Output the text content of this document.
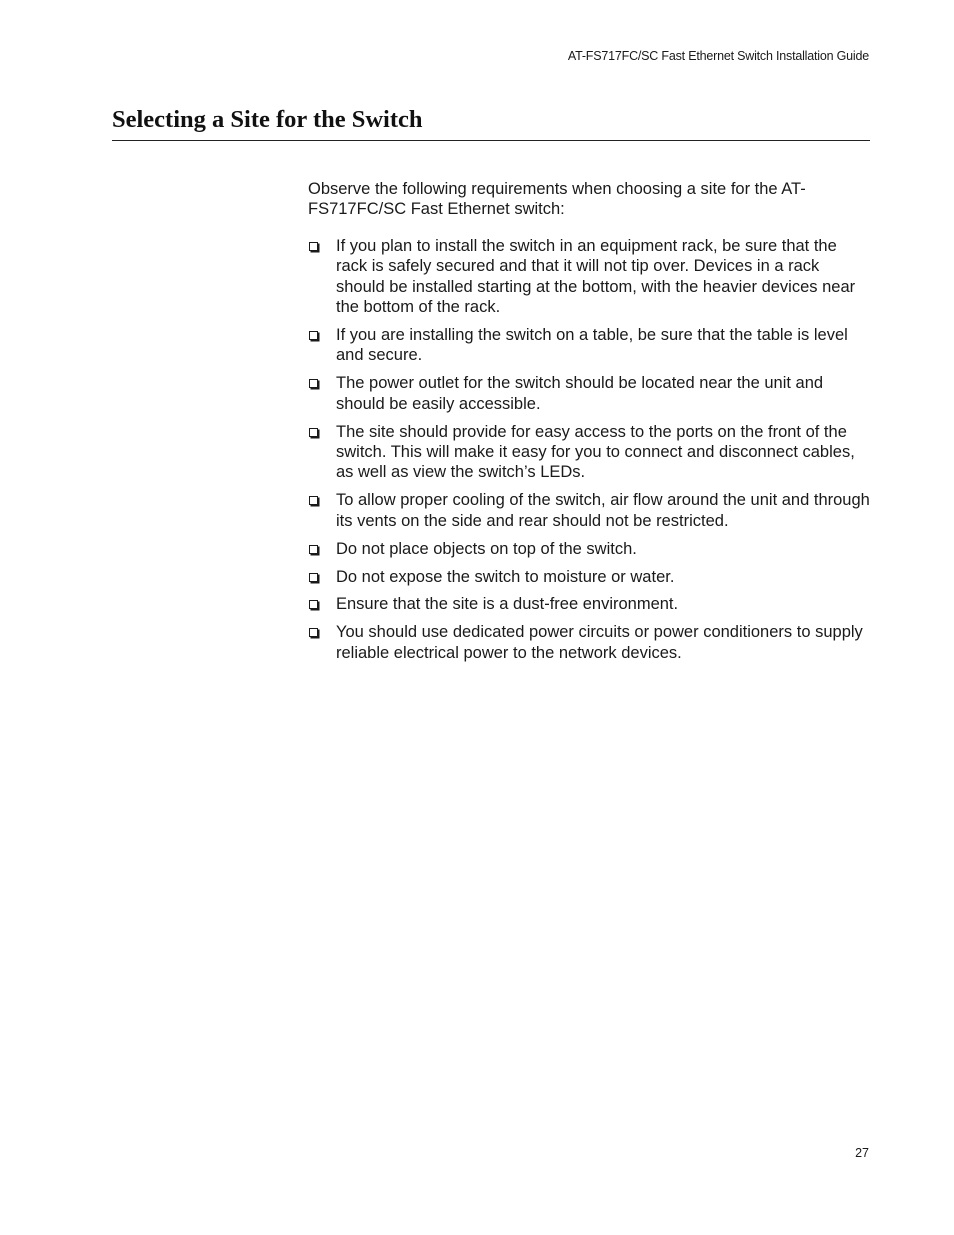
AT-FS717FC/SC Fast Ethernet Switch Installation Guide
Selecting a Site for the Switch

Observe the following requirements when choosing a site for the AT-FS717FC/SC Fast Ethernet switch:

If you plan to install the switch in an equipment rack, be sure that the rack is safely secured and that it will not tip over. Devices in a rack should be installed starting at the bottom, with the heavier devices near the bottom of the rack.
If you are installing the switch on a table, be sure that the table is level and secure.
The power outlet for the switch should be located near the unit and should be easily accessible.
The site should provide for easy access to the ports on the front of the switch. This will make it easy for you to connect and disconnect cables, as well as view the switch’s LEDs.
To allow proper cooling of the switch, air flow around the unit and through its vents on the side and rear should not be restricted.
Do not place objects on top of the switch.
Do not expose the switch to moisture or water.
Ensure that the site is a dust-free environment.
You should use dedicated power circuits or power conditioners to supply reliable electrical power to the network devices.
27
